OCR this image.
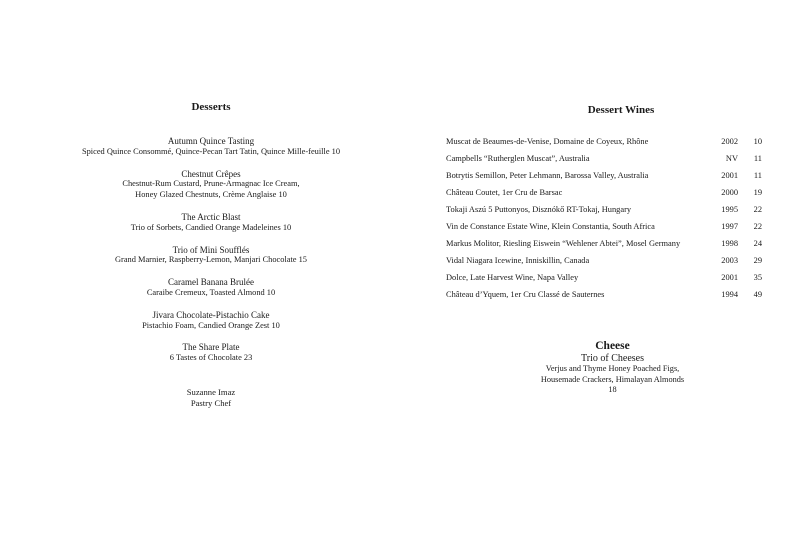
Desserts
Autumn Quince Tasting
Spiced Quince Consommé, Quince-Pecan Tart Tatin, Quince Mille-feuille 10
Chestnut Crêpes
Chestnut-Rum Custard, Prune-Armagnac Ice Cream,
Honey Glazed Chestnuts, Crème Anglaise 10
The Arctic Blast
Trio of Sorbets, Candied Orange Madeleines 10
Trio of Mini Soufflés
Grand Marnier, Raspberry-Lemon, Manjari Chocolate 15
Caramel Banana Brulée
Caraibe Cremeux, Toasted Almond 10
Jivara Chocolate-Pistachio Cake
Pistachio Foam, Candied Orange Zest 10
The Share Plate
6 Tastes of Chocolate 23
Suzanne Imaz
Pastry Chef
Dessert Wines
Muscat de Beaumes-de-Venise, Domaine de Coyeux, Rhône	2002	10
Campbells “Rutherglen Muscat”, Australia	NV	11
Botrytis Semillon, Peter Lehmann, Barossa Valley, Australia	2001	11
Château Coutet, 1er Cru de Barsac	2000	19
Tokaji Aszú 5 Puttonyos, Disznókő RT-Tokaj, Hungary	1995	22
Vin de Constance Estate Wine, Klein Constantia, South Africa	1997	22
Markus Molitor, Riesling Eiswein “Wehlener Abtei”, Mosel Germany	1998	24
Vidal Niagara Icewine, Inniskillin, Canada	2003	29
Dolce, Late Harvest Wine, Napa Valley	2001	35
Château d’Yquem, 1er Cru Classé de Sauternes	1994	49
Cheese
Trio of Cheeses
Verjus and Thyme Honey Poached Figs,
Housemade Crackers, Himalayan Almonds
18
